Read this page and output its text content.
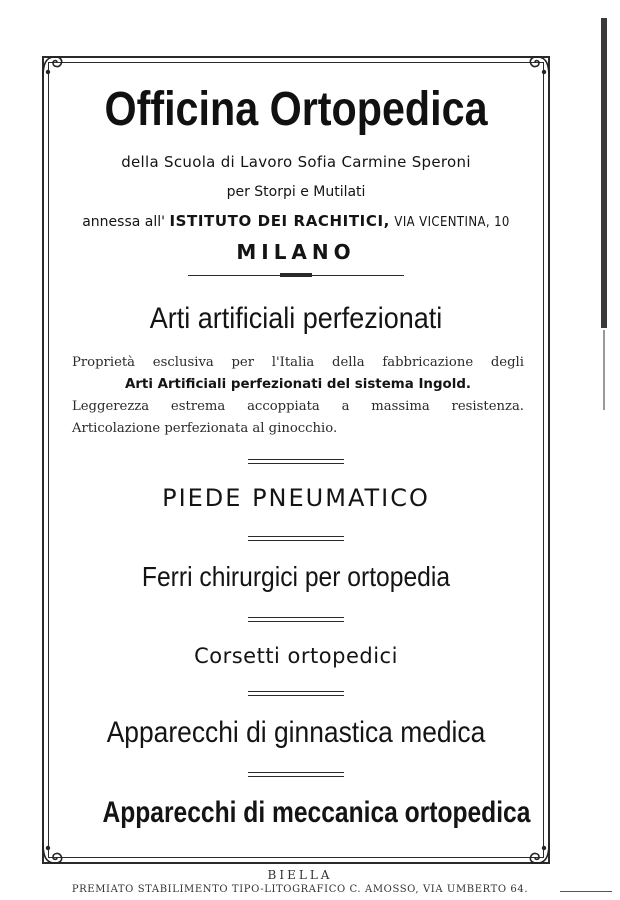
Officina Ortopedica
della Scuola di Lavoro Sofia Carmine Speroni
per Storpi e Mutilati
annessa all' ISTITUTO DEI RACHITICI, VIA VICENTINA, 10
MILANO
Arti artificiali perfezionati
Proprietà esclusiva per l'Italia della fabbricazione degli
Arti Artificiali perfezionati del sistema Ingold.
Leggerezza estrema accoppiata a massima resistenza.
Articolazione perfezionata al ginocchio.
PIEDE PNEUMATICO
Ferri chirurgici per ortopedia
Corsetti ortopedici
Apparecchi di ginnastica medica
Apparecchi di meccanica ortopedica
BIELLA
PREMIATO STABILIMENTO TIPO-LITOGRAFICO C. AMOSSO, VIA UMBERTO 64.
